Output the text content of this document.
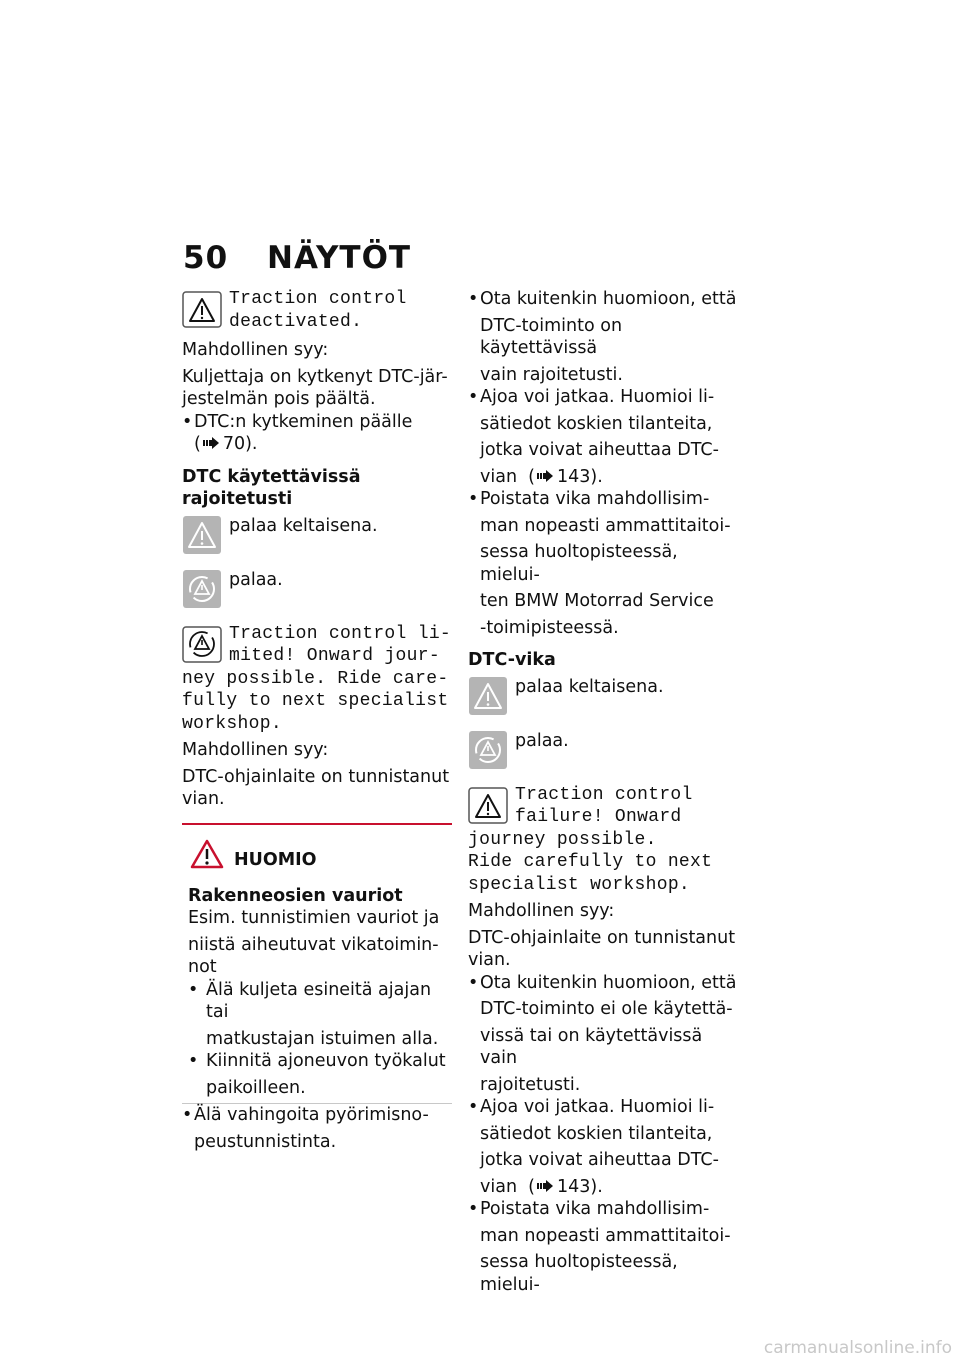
50 NÄYTÖT
Traction control
deactivated.

Mahdollinen syy:

Kuljettaja on kytkenyt DTC-jär-

jestelmän pois päältä.

• DTC:n kytkeminen päälle
( 70).

DTC käytettävissä rajoitetusti

palaa keltaisena.

palaa.

Traction control li-
mited! Onward jour-
ney possible. Ride care-
fully to next specialist
workshop.

Mahdollinen syy:

DTC-ohjainlaite on tunnistanut

vian.

HUOMIO

Rakenneosien vauriot

Esim. tunnistimien vauriot ja

niistä aiheutuvat vikatoimin-

not

• Älä kuljeta esineitä ajajan tai
matkustajan istuimen alla.
• Kiinnitä ajoneuvon työkalut
paikoilleen.
• Älä vahingoita pyörimisno-
peustunnistinta.
• Ota kuitenkin huomioon, että
DTC-toiminto on käytettävissä
vain rajoitetusti.
• Ajoa voi jatkaa. Huomioi li-
sätiedot koskien tilanteita,
jotka voivat aiheuttaa DTC-
vian  ( 143).
• Poistata vika mahdollisim-
man nopeasti ammattitaitoi-
sessa huoltopisteessä, mielui-
ten BMW Motorrad Service
-toimipisteessä.

DTC-vika

palaa keltaisena.

palaa.

Traction control
failure! Onward
journey possible.
Ride carefully to next
specialist workshop.

Mahdollinen syy:

DTC-ohjainlaite on tunnistanut

vian.

• Ota kuitenkin huomioon, että
DTC-toiminto ei ole käytettä-
vissä tai on käytettävissä vain
rajoitetusti.
• Ajoa voi jatkaa. Huomioi li-
sätiedot koskien tilanteita,
jotka voivat aiheuttaa DTC-
vian  ( 143).
• Poistata vika mahdollisim-
man nopeasti ammattitaitoi-
sessa huoltopisteessä, mielui-
carmanualsonline.info
